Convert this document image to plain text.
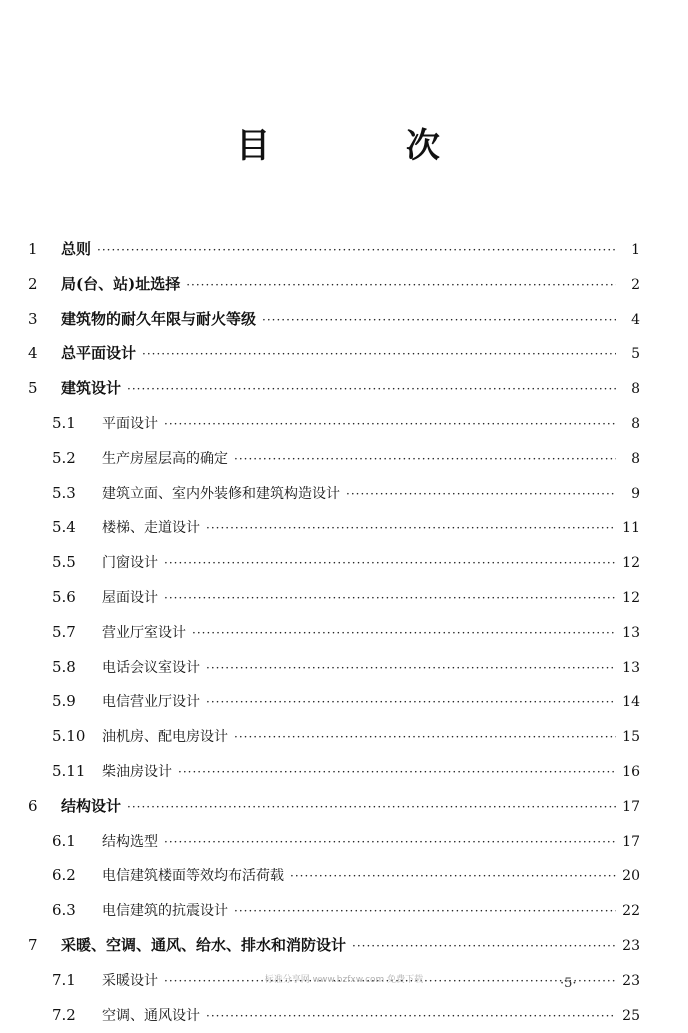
目 次
1	总则 ·····	1
2	局(台、站)址选择 ·····	2
3	建筑物的耐久年限与耐火等级 ·····	4
4	总平面设计 ·····	5
5	建筑设计 ·····	8
5.1	平面设计 ·····	8
5.2	生产房屋层高的确定 ·····	8
5.3	建筑立面、室内外装修和建筑构造设计 ·····	9
5.4	楼梯、走道设计 ·····	11
5.5	门窗设计 ·····	12
5.6	屋面设计 ·····	12
5.7	营业厅室设计 ·····	13
5.8	电话会议室设计 ·····	13
5.9	电信营业厅设计 ·····	14
5.10	油机房、配电房设计 ·····	15
5.11	柴油房设计 ·····	16
6	结构设计 ·····	17
6.1	结构选型 ·····	17
6.2	电信建筑楼面等效均布活荷载 ·····	20
6.3	电信建筑的抗震设计 ·····	22
7	采暖、空调、通风、给水、排水和消防设计 ·····	23
7.1	采暖设计 ·····	23
7.2	空调、通风设计 ·····	25
标准分享网 www.bzfxw.com 免费下载	·5·
